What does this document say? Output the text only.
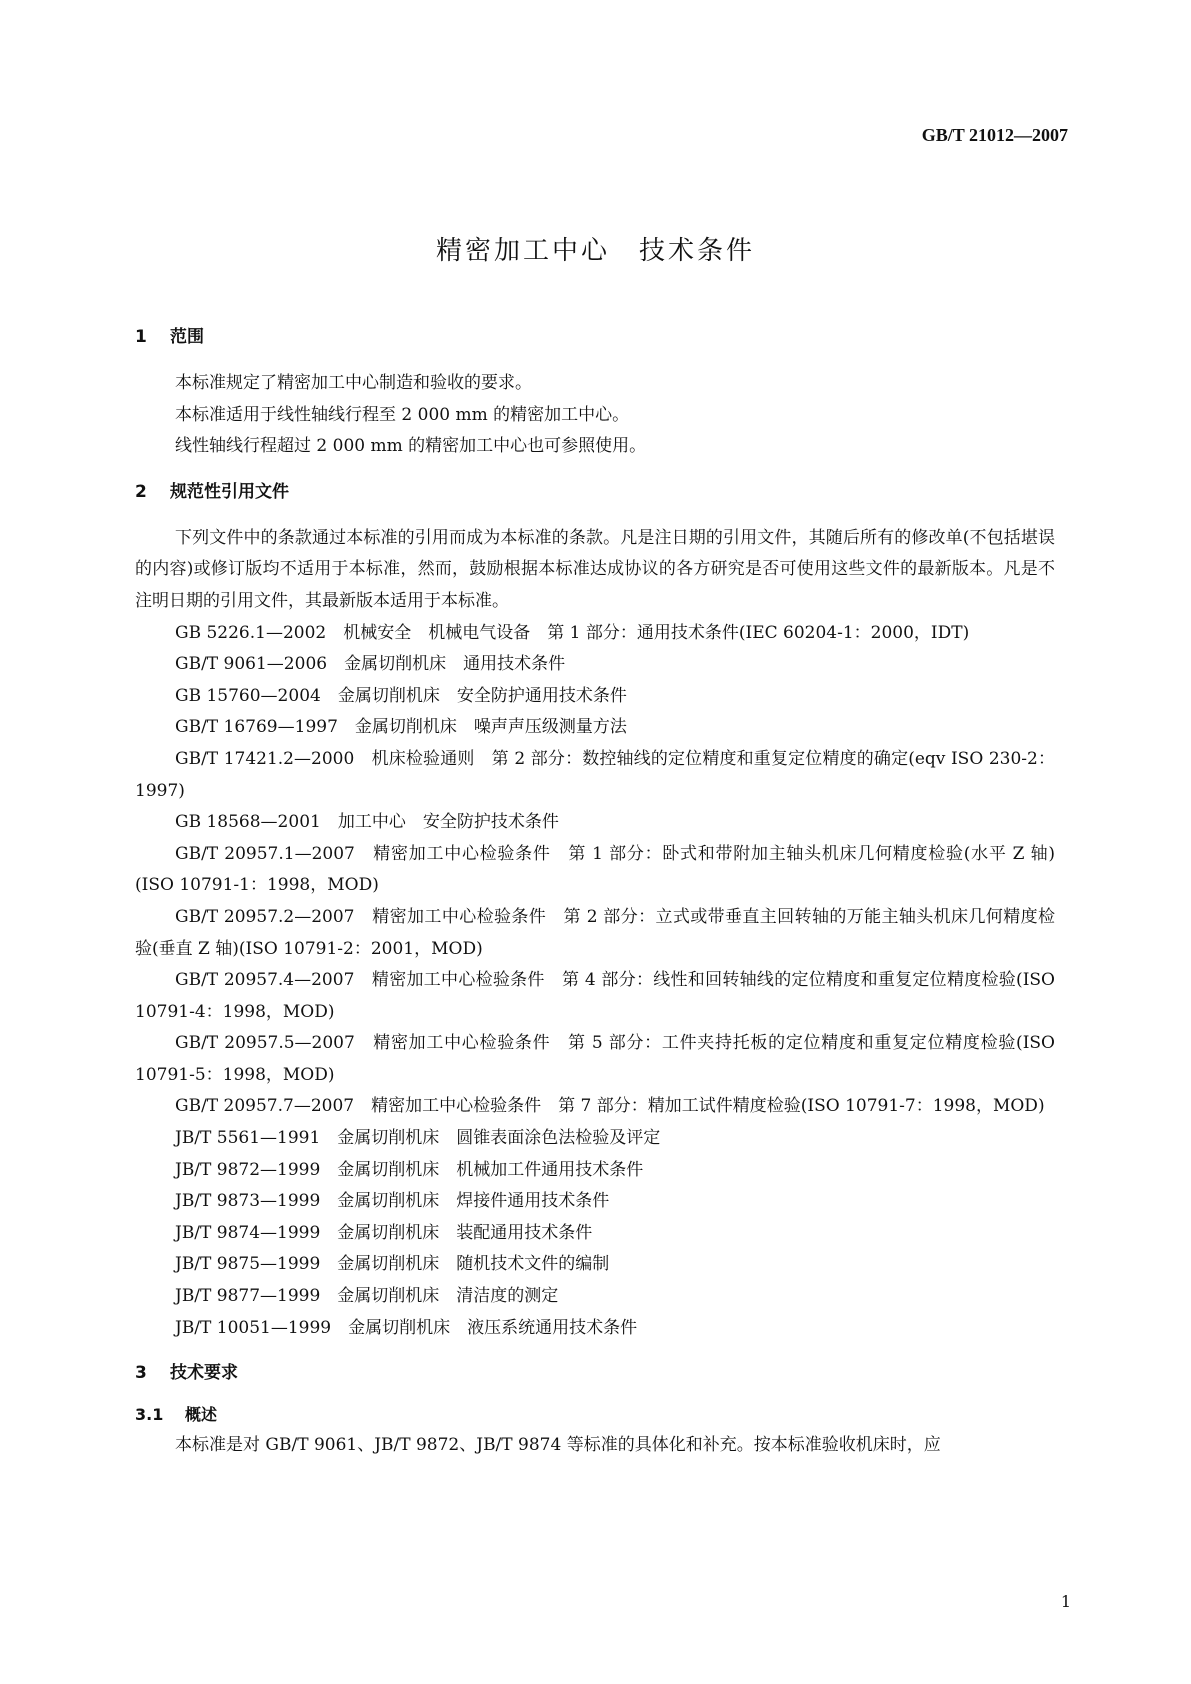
GB/T 21012—2007
精密加工中心　技术条件
1 范围

本标准规定了精密加工中心制造和验收的要求。

本标准适用于线性轴线行程至 2 000 mm 的精密加工中心。

线性轴线行程超过 2 000 mm 的精密加工中心也可参照使用。

2 规范性引用文件

下列文件中的条款通过本标准的引用而成为本标准的条款。凡是注日期的引用文件，其随后所有的修改单(不包括堪误的内容)或修订版均不适用于本标准，然而，鼓励根据本标准达成协议的各方研究是否可使用这些文件的最新版本。凡是不注明日期的引用文件，其最新版本适用于本标准。

GB 5226.1—2002　机械安全　机械电气设备　第 1 部分：通用技术条件(IEC 60204-1：2000，IDT)

GB/T 9061—2006　金属切削机床　通用技术条件

GB 15760—2004　金属切削机床　安全防护通用技术条件

GB/T 16769—1997　金属切削机床　噪声声压级测量方法

GB/T 17421.2—2000　机床检验通则　第 2 部分：数控轴线的定位精度和重复定位精度的确定(eqv ISO 230-2：1997)

GB 18568—2001　加工中心　安全防护技术条件

GB/T 20957.1—2007　精密加工中心检验条件　第 1 部分：卧式和带附加主轴头机床几何精度检验(水平 Z 轴)(ISO 10791-1：1998，MOD)

GB/T 20957.2—2007　精密加工中心检验条件　第 2 部分：立式或带垂直主回转轴的万能主轴头机床几何精度检验(垂直 Z 轴)(ISO 10791-2：2001，MOD)

GB/T 20957.4—2007　精密加工中心检验条件　第 4 部分：线性和回转轴线的定位精度和重复定位精度检验(ISO 10791-4：1998，MOD)

GB/T 20957.5—2007　精密加工中心检验条件　第 5 部分：工件夹持托板的定位精度和重复定位精度检验(ISO 10791-5：1998，MOD)

GB/T 20957.7—2007　精密加工中心检验条件　第 7 部分：精加工试件精度检验(ISO 10791-7：1998，MOD)

JB/T 5561—1991　金属切削机床　圆锥表面涂色法检验及评定

JB/T 9872—1999　金属切削机床　机械加工件通用技术条件

JB/T 9873—1999　金属切削机床　焊接件通用技术条件

JB/T 9874—1999　金属切削机床　装配通用技术条件

JB/T 9875—1999　金属切削机床　随机技术文件的编制

JB/T 9877—1999　金属切削机床　清洁度的测定

JB/T 10051—1999　金属切削机床　液压系统通用技术条件

3 技术要求
3.1 概述

本标准是对 GB/T 9061、JB/T 9872、JB/T 9874 等标准的具体化和补充。按本标准验收机床时，应

1
